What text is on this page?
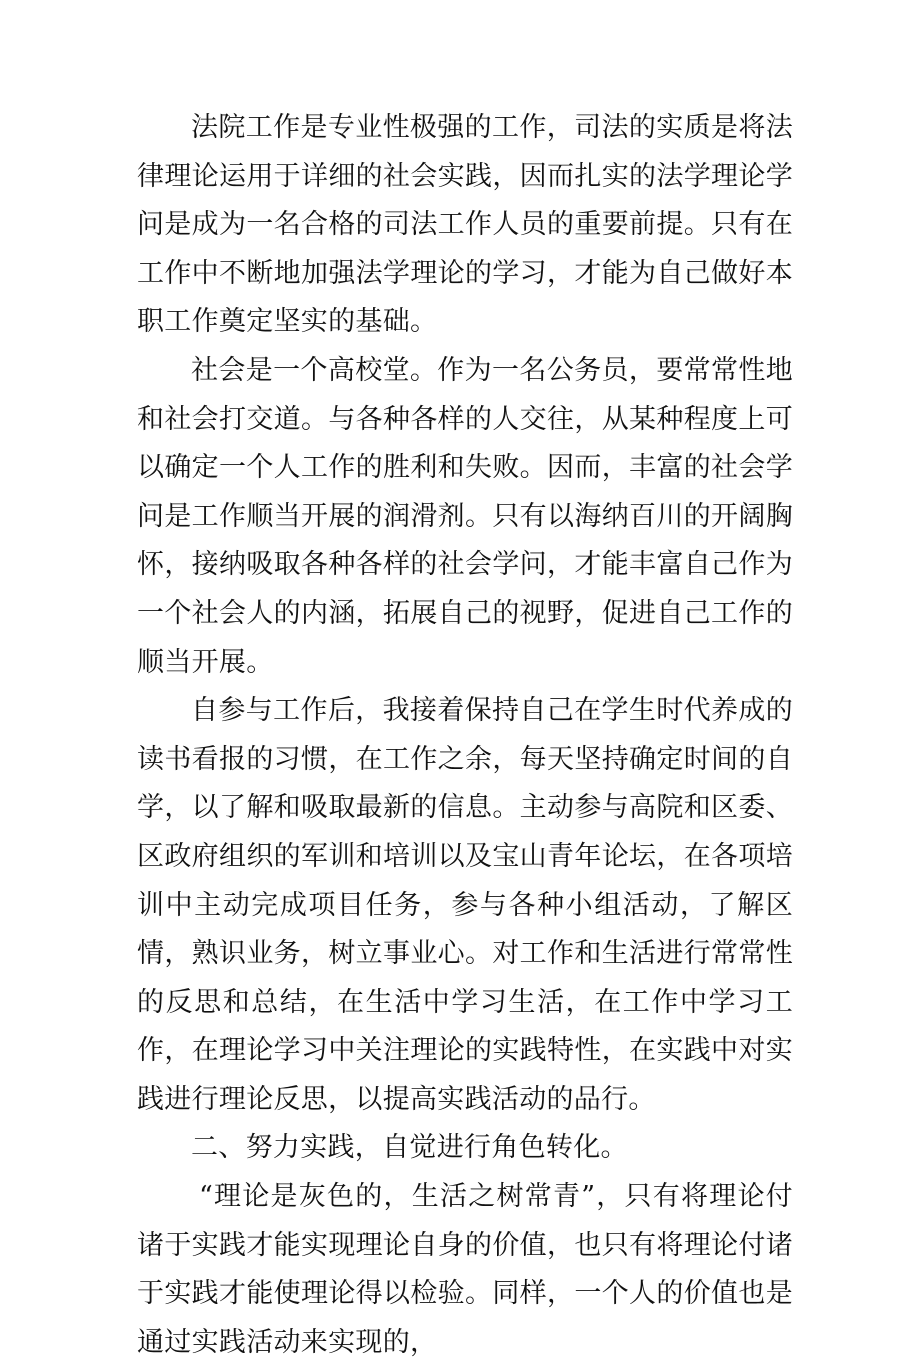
法院工作是专业性极强的工作，司法的实质是将法律理论运用于详细的社会实践，因而扎实的法学理论学问是成为一名合格的司法工作人员的重要前提。只有在工作中不断地加强法学理论的学习，才能为自己做好本职工作奠定坚实的基础。

社会是一个高校堂。作为一名公务员，要常常性地和社会打交道。与各种各样的人交往，从某种程度上可以确定一个人工作的胜利和失败。因而，丰富的社会学问是工作顺当开展的润滑剂。只有以海纳百川的开阔胸怀，接纳吸取各种各样的社会学问，才能丰富自己作为一个社会人的内涵，拓展自己的视野，促进自己工作的顺当开展。

自参与工作后，我接着保持自己在学生时代养成的读书看报的习惯，在工作之余，每天坚持确定时间的自学，以了解和吸取最新的信息。主动参与高院和区委、区政府组织的军训和培训以及宝山青年论坛，在各项培训中主动完成项目任务，参与各种小组活动，了解区情，熟识业务，树立事业心。对工作和生活进行常常性的反思和总结，在生活中学习生活，在工作中学习工作，在理论学习中关注理论的实践特性，在实践中对实践进行理论反思，以提高实践活动的品行。

二、努力实践，自觉进行角色转化。

“理论是灰色的，生活之树常青”，只有将理论付诸于实践才能实现理论自身的价值，也只有将理论付诸于实践才能使理论得以检验。同样，一个人的价值也是通过实践活动来实现的，
